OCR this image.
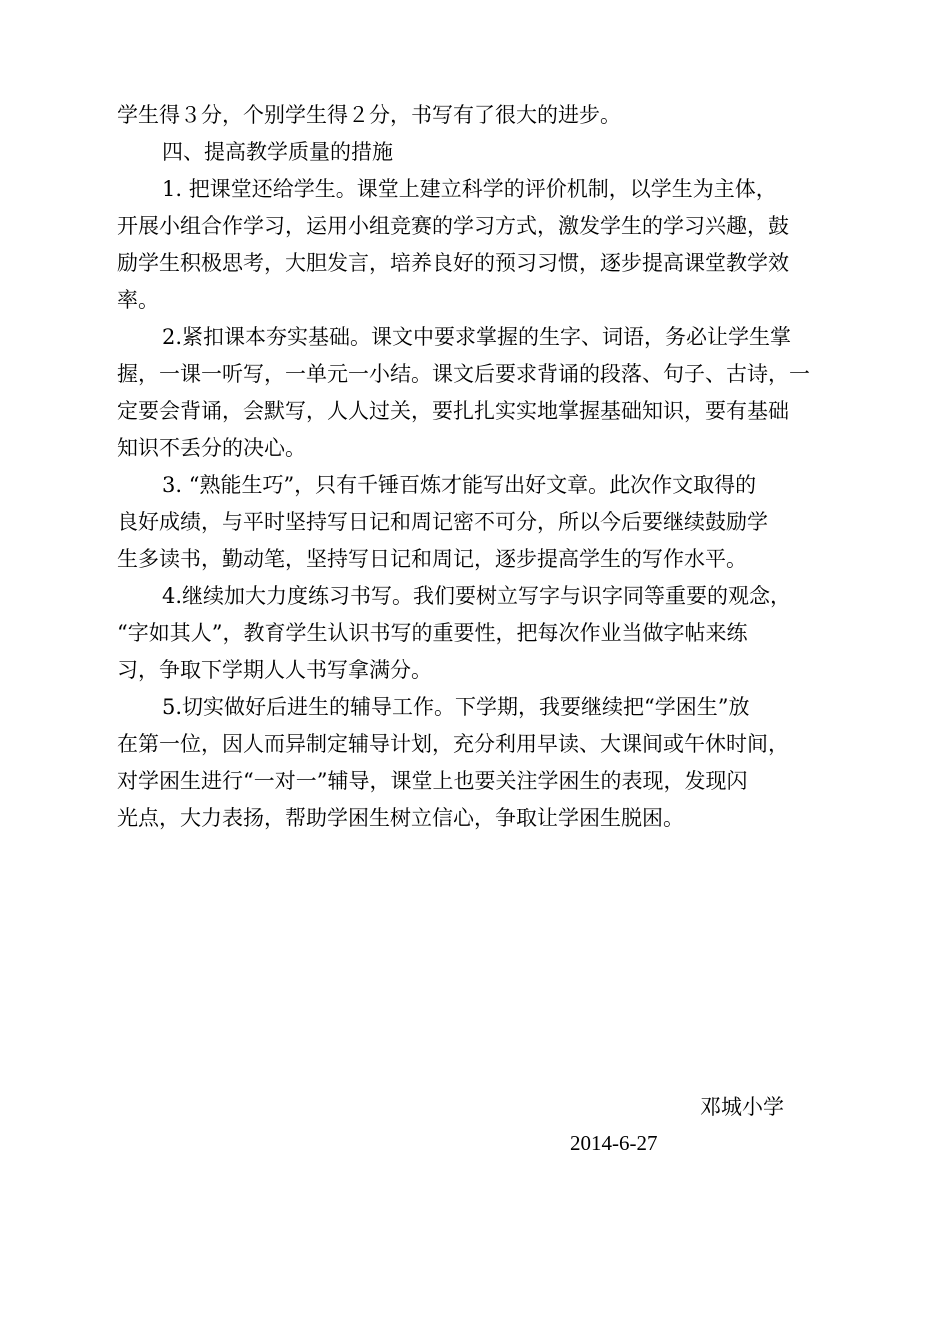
学生得３分，个别学生得２分，书写有了很大的进步。
四、提高教学质量的措施
1. 把课堂还给学生。课堂上建立科学的评价机制，以学生为主体，
开展小组合作学习，运用小组竞赛的学习方式，激发学生的学习兴趣，鼓
励学生积极思考，大胆发言，培养良好的预习习惯，逐步提高课堂教学效
率。
2.紧扣课本夯实基础。课文中要求掌握的生字、词语，务必让学生掌
握，一课一听写，一单元一小结。课文后要求背诵的段落、句子、古诗，一
定要会背诵，会默写，人人过关，要扎扎实实地掌握基础知识，要有基础
知识不丢分的决心。
3. “熟能生巧”，只有千锤百炼才能写出好文章。此次作文取得的
良好成绩，与平时坚持写日记和周记密不可分，所以今后要继续鼓励学
生多读书，勤动笔，坚持写日记和周记，逐步提高学生的写作水平。
4.继续加大力度练习书写。我们要树立写字与识字同等重要的观念，
“字如其人”，教育学生认识书写的重要性，把每次作业当做字帖来练
习，争取下学期人人书写拿满分。
5.切实做好后进生的辅导工作。下学期，我要继续把“学困生”放
在第一位，因人而异制定辅导计划，充分利用早读、大课间或午休时间，
对学困生进行“一对一”辅导，课堂上也要关注学困生的表现，发现闪
光点，大力表扬，帮助学困生树立信心，争取让学困生脱困。
邓城小学
2014-6-27
